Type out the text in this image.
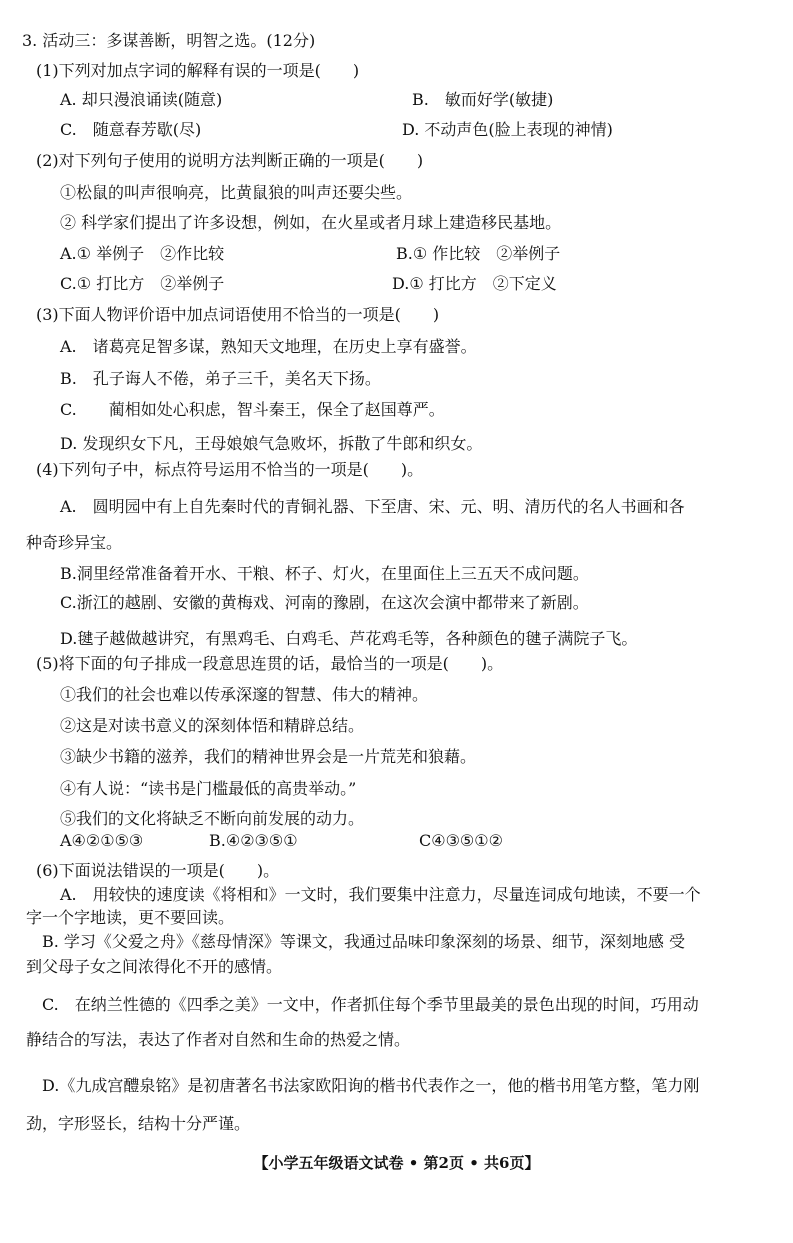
3. 活动三：多谋善断，明智之选。(12分)
(1)下列对加点字词的解释有误的一项是(　　)
A. 却只漫浪诵读(随意)	B.　敏而好学(敏捷)
C.　随意春芳歇(尽)	D. 不动声色(脸上表现的神情)
(2)对下列句子使用的说明方法判断正确的一项是(　　)
①松鼠的叫声很响亮，比黄鼠狼的叫声还要尖些。
② 科学家们提出了许多设想，例如，在火星或者月球上建造移民基地。
A.① 举例子　②作比较	B.① 作比较　②举例子
C.① 打比方　②举例子	D.① 打比方　②下定义
(3)下面人物评价语中加点词语使用不恰当的一项是(　　)
A.　诸葛亮足智多谋，熟知天文地理，在历史上享有盛誉。
B.　孔子诲人不倦，弟子三千，美名天下扬。
C.　　蔺相如处心积虑，智斗秦王，保全了赵国尊严。
D. 发现织女下凡，王母娘娘气急败坏，拆散了牛郎和织女。
(4)下列句子中，标点符号运用不恰当的一项是(　　)。
A.　圆明园中有上自先秦时代的青铜礼器、下至唐、宋、元、明、清历代的名人书画和各
种奇珍异宝。
B.洞里经常准备着开水、干粮、杯子、灯火，在里面住上三五天不成问题。
C.浙江的越剧、安徽的黄梅戏、河南的豫剧，在这次会演中都带来了新剧。
D.毽子越做越讲究，有黑鸡毛、白鸡毛、芦花鸡毛等，各种颜色的毽子满院子飞。
(5)将下面的句子排成一段意思连贯的话，最恰当的一项是(　　)。
①我们的社会也难以传承深邃的智慧、伟大的精神。
②这是对读书意义的深刻体悟和精辟总结。
③缺少书籍的滋养，我们的精神世界会是一片荒芜和狼藉。
④有人说：“读书是门槛最低的高贵举动。”
⑤我们的文化将缺乏不断向前发展的动力。
A④②①⑤③	B.④②③⑤①	C④③⑤①②
(6)下面说法错误的一项是(　　)。
A.　用较快的速度读《将相和》一文时，我们要集中注意力，尽量连词成句地读，不要一个
字一个字地读，更不要回读。
B. 学习《父爱之舟》《慈母情深》等课文，我通过品味印象深刻的场景、细节，深刻地感 受
到父母子女之间浓得化不开的感情。
C.　在纳兰性德的《四季之美》一文中，作者抓住每个季节里最美的景色出现的时间，巧用动
静结合的写法，表达了作者对自然和生命的热爱之情。
D.《九成宫醴泉铭》是初唐著名书法家欧阳询的楷书代表作之一，他的楷书用笔方整，笔力刚
劲，字形竖长，结构十分严谨。
【小学五年级语文试卷 • 第2页 • 共6页】
